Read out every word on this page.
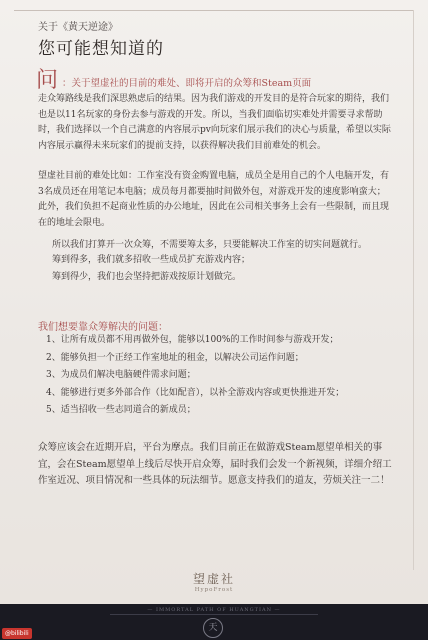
关于《黄天逆途》
您可能想知道的
问 ：关于望虚社的目前的难处、即将开启的众筹和Steam页面
走众筹路线是我们深思熟虑后的结果。因为我们游戏的开发目的是符合玩家的期待，我们也是以11名玩家的身份去参与游戏的开发。所以，当我们面临切实难处并需要寻求帮助时，我们选择以一个自己满意的内容展示pv向玩家们展示我们的决心与质量，希望以实际内容展示赢得未来玩家们的提前支持，以获得解决我们目前难处的机会。
望虚社目前的难处比如：工作室没有资金购置电脑，成员全是用自己的个人电脑开发，有3名成员还在用笔记本电脑；成员每月都要抽时间做外包，对游戏开发的速度影响蛮大；此外，我们负担不起商业性质的办公地址，因此在公司相关事务上会有一些限制，而且现在的地址会限电。
所以我们打算开一次众筹，不需要筹太多，只要能解决工作室的切实问题就行。
筹到得多，我们就多招收一些成员扩充游戏内容；
筹到得少，我们也会坚持把游戏按原计划做完。
我们想要靠众筹解决的问题：
1、让所有成员都不用再做外包，能够以100%的工作时间参与游戏开发；
2、能够负担一个正经工作室地址的租金，以解决公司运作问题；
3、为成员们解决电脑硬件需求问题；
4、能够进行更多外部合作（比如配音），以补全游戏内容或更快推进开发；
5、适当招收一些志同道合的新成员；
众筹应该会在近期开启，平台为摩点。我们目前正在做游戏Steam愿望单相关的事宜，会在Steam愿望单上线后尽快开启众筹，届时我们会发一个新视频，详细介绍工作室近况、项目情况和一些具体的玩法细节。愿意支持我们的道友，劳烦关注一二！
望虚社
HypoFrost
— IMMORTAL PATH OF HUANGTIAN —
天
@bilibili
